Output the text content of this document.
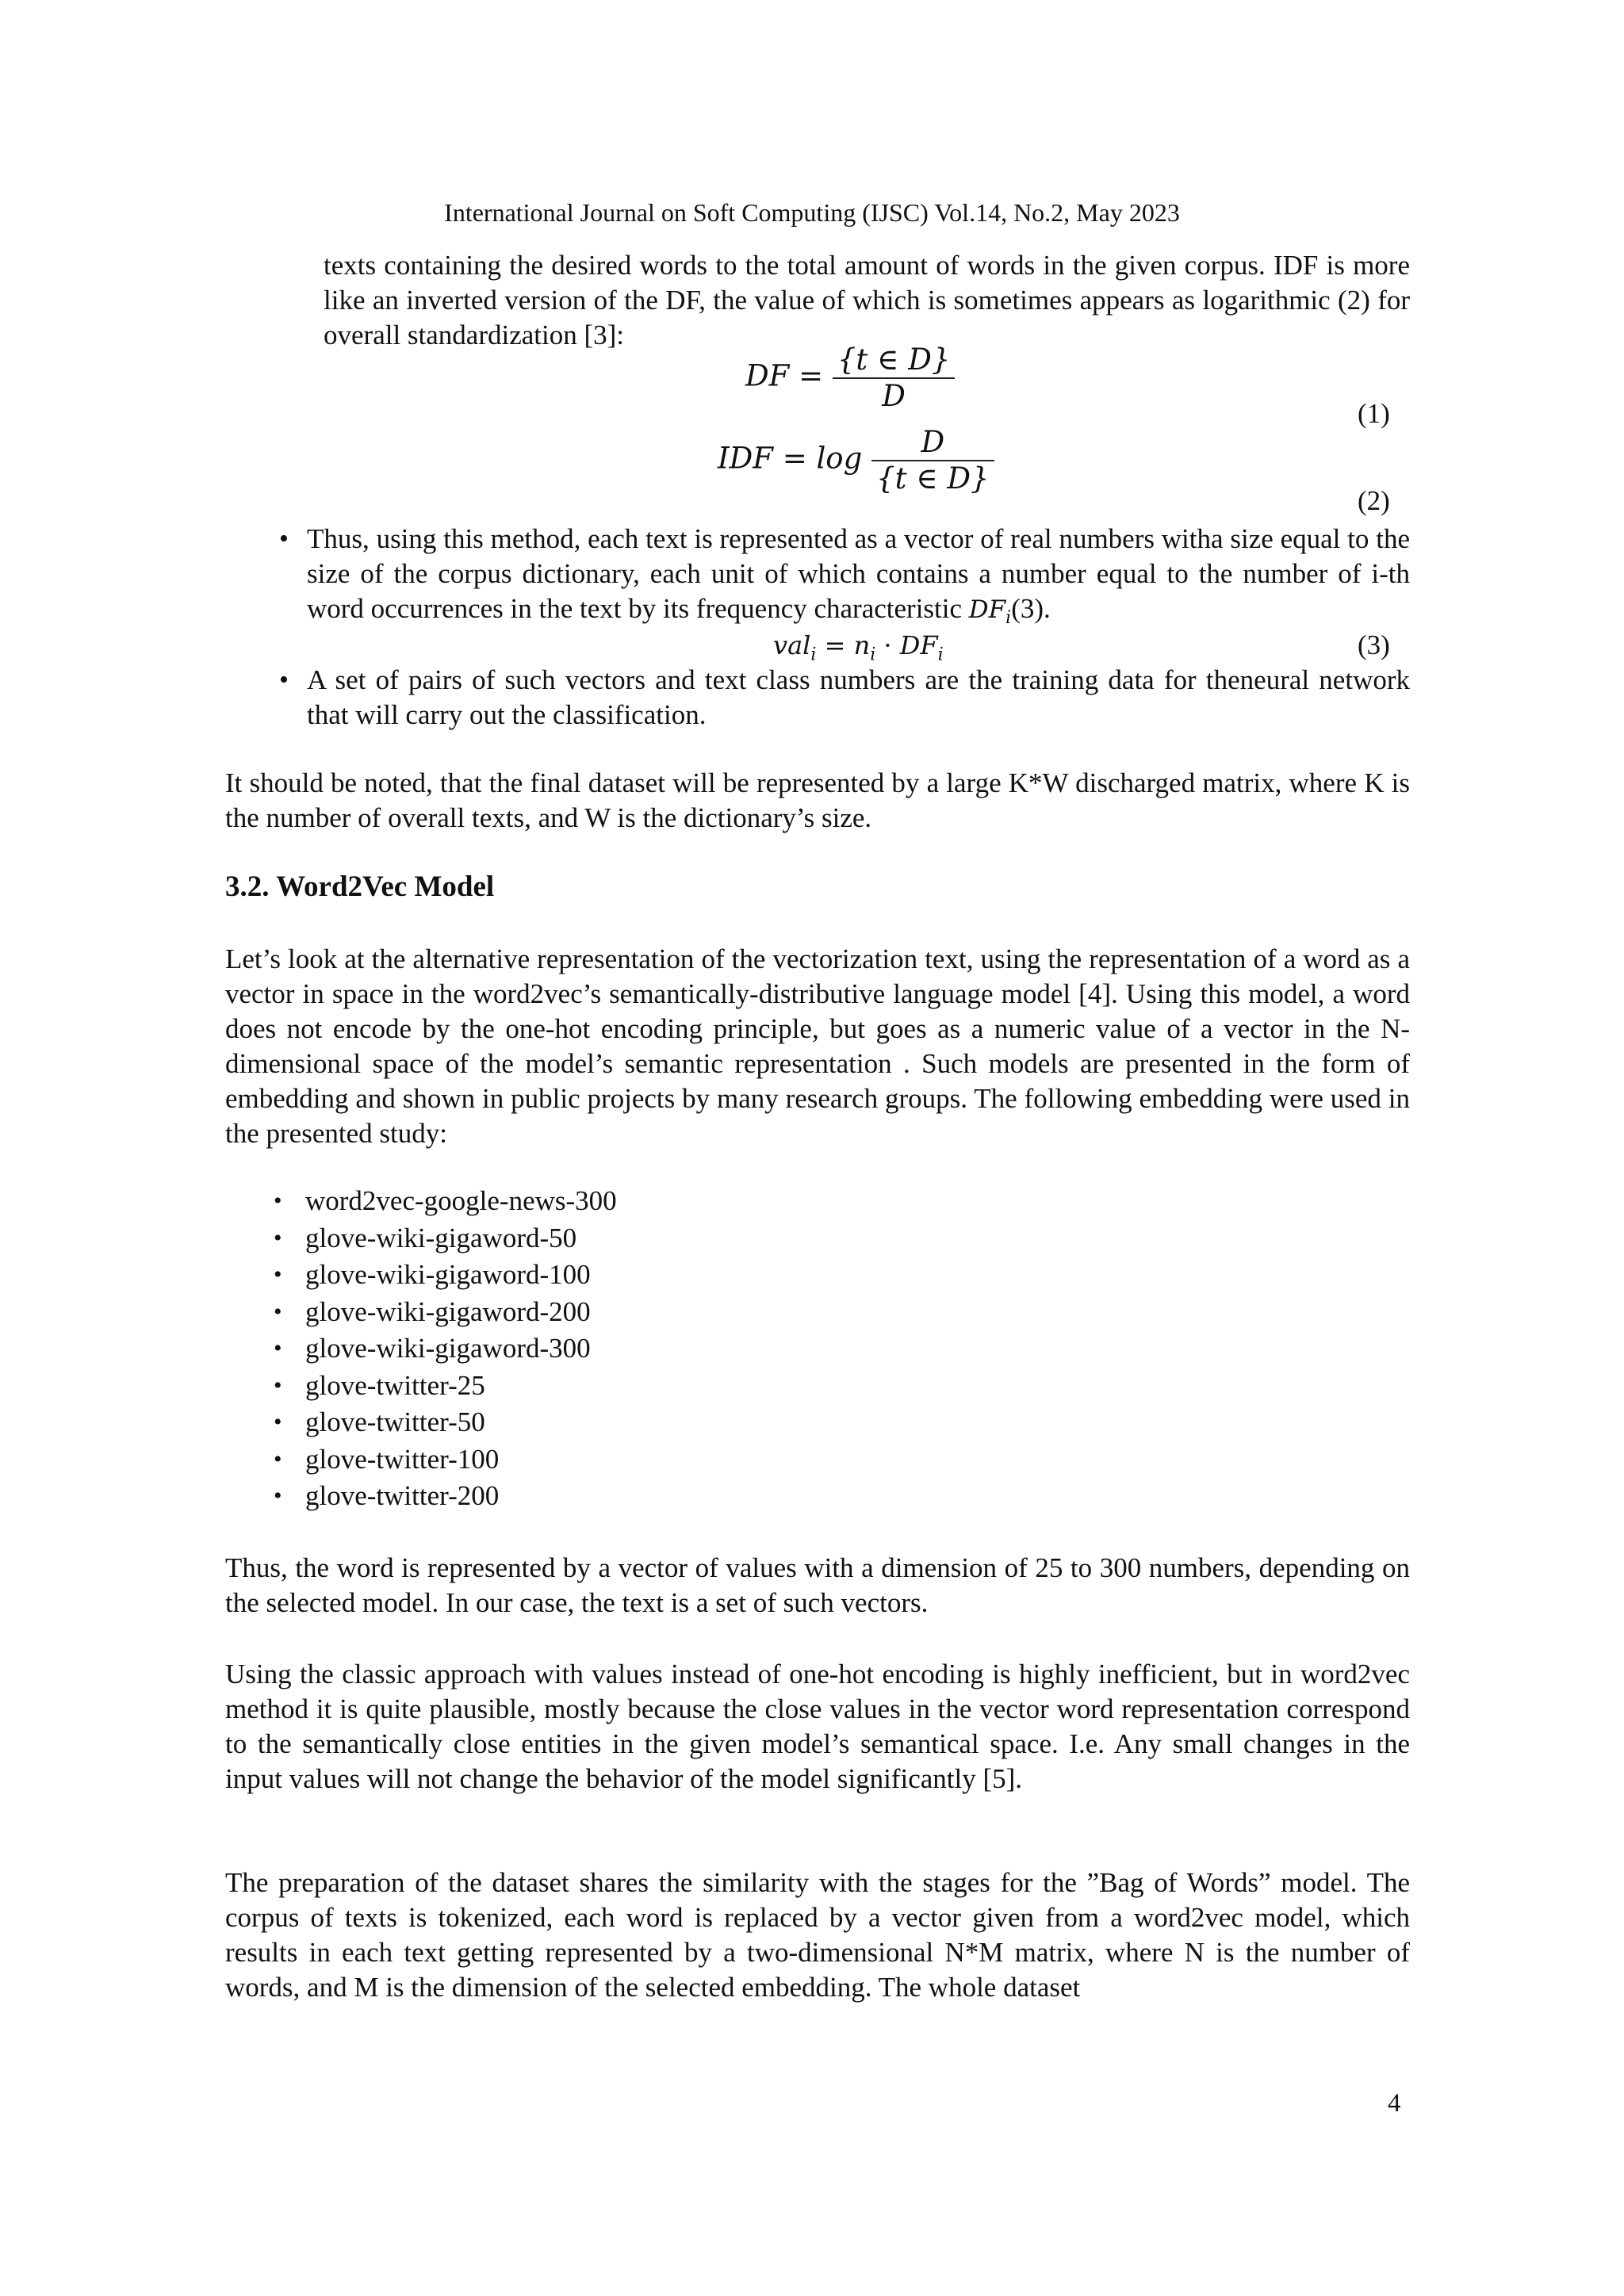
International Journal on Soft Computing (IJSC) Vol.14, No.2, May 2023
texts containing the desired words to the total amount of words in the given corpus. IDF is more like an inverted version of the DF, the value of which is sometimes appears as logarithmic (2) for overall standardization [3]:
DF = $\frac{\{t \in D\}}{D}$	(1)
IDF = $\log \frac{D}{\{t \in D\}}$
(2)
• Thus, using this method, each text is represented as a vector of real numbers witha size equal to the size of the corpus dictionary, each unit of which contains a number equal to the number of i-th word occurrences in the text by its frequency characteristic $DF_i(3)$.
$val_i = n_i \cdot DF_i$	(3)
• A set of pairs of such vectors and text class numbers are the training data for theneural network that will carry out the classification.
It should be noted, that the final dataset will be represented by a large K*W discharged matrix, where K is the number of overall texts, and W is the dictionary’s size.
3.2. Word2Vec Model
Let’s look at the alternative representation of the vectorization text, using the representation of a word as a vector in space in the word2vec’s semantically-distributive language model [4]. Using this model, a word does not encode by the one-hot encoding principle, but goes as a numeric value of a vector in the N-dimensional space of the model’s semantic representation . Such models are presented in the form of embedding and shown in public projects by many research groups. The following embedding were used in the presented study:
• word2vec-google-news-300
• glove-wiki-gigaword-50
• glove-wiki-gigaword-100
• glove-wiki-gigaword-200
• glove-wiki-gigaword-300
• glove-twitter-25
• glove-twitter-50
• glove-twitter-100
• glove-twitter-200
Thus, the word is represented by a vector of values with a dimension of 25 to 300 numbers, depending on the selected model. In our case, the text is a set of such vectors.
Using the classic approach with values instead of one-hot encoding is highly inefficient, but in word2vec method it is quite plausible, mostly because the close values in the vector word representation correspond to the semantically close entities in the given model’s semantical space. I.e. Any small changes in the input values will not change the behavior of the model significantly [5].
The preparation of the dataset shares the similarity with the stages for the ”Bag of Words” model. The corpus of texts is tokenized, each word is replaced by a vector given from a word2vec model, which results in each text getting represented by a two-dimensional N*M matrix, where N is the number of words, and M is the dimension of the selected embedding. The whole dataset
4
